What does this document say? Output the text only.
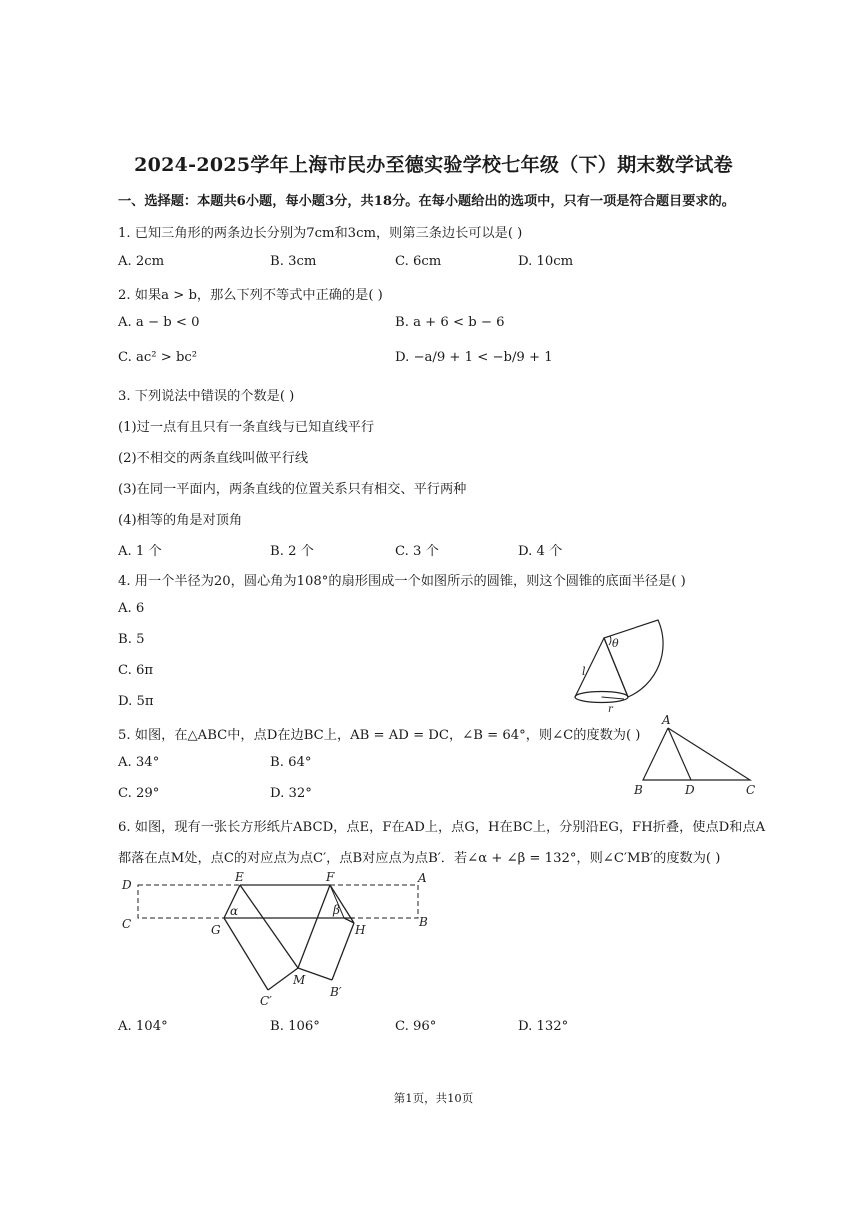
2024-2025学年上海市民办至德实验学校七年级（下）期末数学试卷
一、选择题：本题共6小题，每小题3分，共18分。在每小题给出的选项中，只有一项是符合题目要求的。
1. 已知三角形的两条边长分别为7cm和3cm，则第三条边长可以是( )
A. 2cm	B. 3cm	C. 6cm	D. 10cm
2. 如果a > b，那么下列不等式中正确的是( )
A. a − b < 0	B. a + 6 < b − 6
C. ac² > bc²	D. −a/9 + 1 < −b/9 + 1
3. 下列说法中错误的个数是( )
(1)过一点有且只有一条直线与已知直线平行
(2)不相交的两条直线叫做平行线
(3)在同一平面内，两条直线的位置关系只有相交、平行两种
(4)相等的角是对顶角
A. 1 个	B. 2 个	C. 3 个	D. 4 个
4. 用一个半径为20，圆心角为108°的扇形围成一个如图所示的圆锥，则这个圆锥的底面半径是( )
A. 6
B. 5
C. 6π
D. 5π
θ
l
r
5. 如图，在△ABC中，点D在边BC上，AB = AD = DC，∠B = 64°，则∠C的度数为( )
A. 34°	B. 64°
C. 29°	D. 32°
A
B	D	C
6. 如图，现有一张长方形纸片ABCD，点E，F在AD上，点G，H在BC上，分别沿EG，FH折叠，使点D和点A
都落在点M处，点C的对应点为点C′，点B对应点为点B′．若∠α + ∠β = 132°，则∠C′MB′的度数为( )
D
E	F	A
C	G	H
B
M
C′
B′
α	β
A. 104°	B. 106°	C. 96°	D. 132°
第1页，共10页
